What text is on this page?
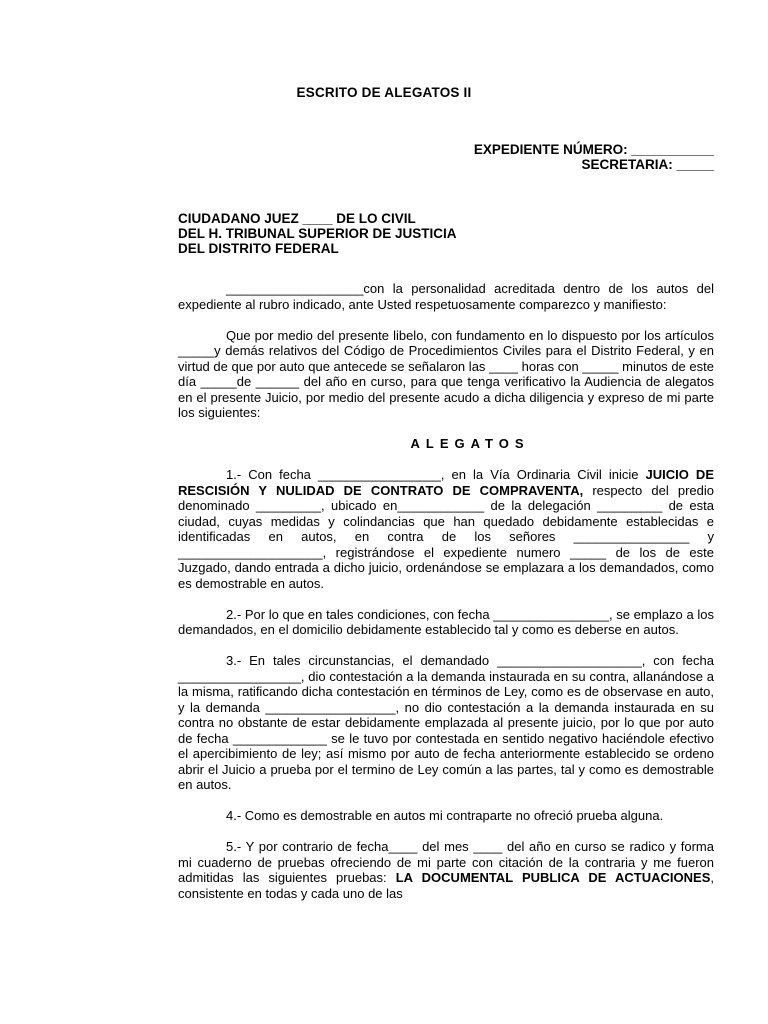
ESCRITO DE ALEGATOS II
EXPEDIENTE NÚMERO: ___________
SECRETARIA: _____
CIUDADANO JUEZ ____ DE LO CIVIL
DEL H. TRIBUNAL SUPERIOR DE JUSTICIA
DEL DISTRITO FEDERAL

___________________con la personalidad acreditada dentro de los autos del expediente al rubro indicado, ante Usted respetuosamente comparezco y manifiesto:

Que por medio del presente libelo, con fundamento en lo dispuesto por los artículos _____y demás relativos del Código de Procedimientos Civiles para el Distrito Federal, y en virtud de que por auto que antecede se señalaron las ____ horas con _____ minutos de este día _____de ______ del año en curso, para que tenga verificativo la Audiencia de alegatos en el presente Juicio, por medio del presente acudo a dicha diligencia y expreso de mi parte los siguientes:

ALEGATOS

1.- Con fecha _________________, en la Vía Ordinaria Civil inicie JUICIO DE RESCISIÓN Y NULIDAD DE CONTRATO DE COMPRAVENTA, respecto del predio denominado _________, ubicado en____________ de la delegación _________ de esta ciudad, cuyas medidas y colindancias que han quedado debidamente establecidas e identificadas en autos, en contra de los señores ________________ y ____________________, registrándose el expediente numero _____ de los de este Juzgado, dando entrada a dicho juicio, ordenándose se emplazara a los demandados, como es demostrable en autos.

2.- Por lo que en tales condiciones, con fecha ________________, se emplazo a los demandados, en el domicilio debidamente establecido tal y como es deberse en autos.

3.- En tales circunstancias, el demandado ____________________, con fecha _________________, dio contestación a la demanda instaurada en su contra, allanándose a la misma, ratificando dicha contestación en términos de Ley, como es de observase en auto, y la demanda __________________, no dio contestación a la demanda instaurada en su contra no obstante de estar debidamente emplazada al presente juicio, por lo que por auto de fecha _____________ se le tuvo por contestada en sentido negativo haciéndole efectivo el apercibimiento de ley; así mismo por auto de fecha anteriormente establecido se ordeno abrir el Juicio a prueba por el termino de Ley común a las partes, tal y como es demostrable en autos.

4.- Como es demostrable en autos mi contraparte no ofreció prueba alguna.

5.- Y por contrario de fecha____ del mes ____ del año en curso se radico y forma mi cuaderno de pruebas ofreciendo de mi parte con citación de la contraria y me fueron admitidas las siguientes pruebas: LA DOCUMENTAL PUBLICA DE ACTUACIONES, consistente en todas y cada uno de las
